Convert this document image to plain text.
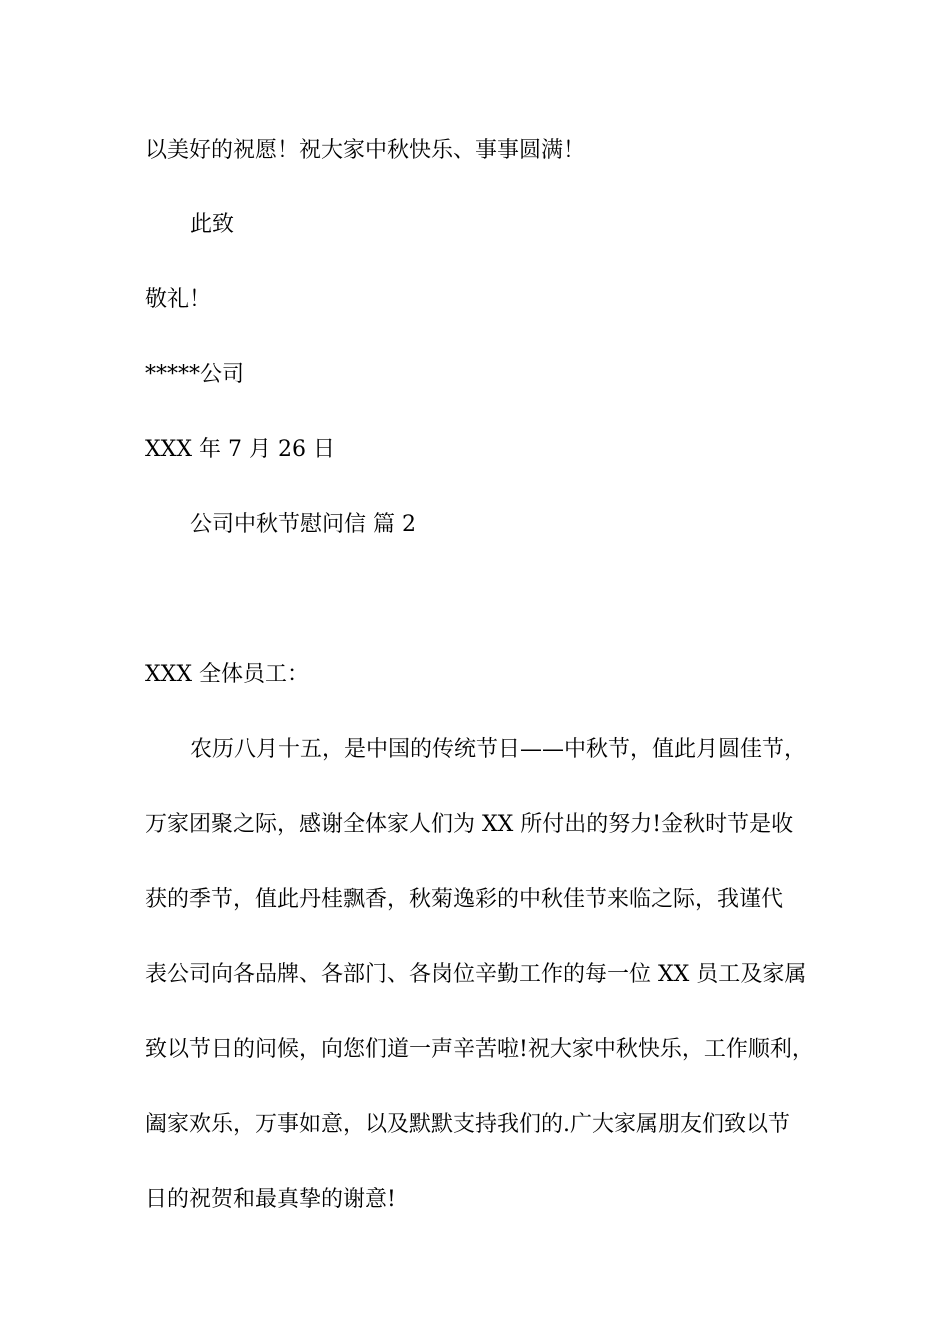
以美好的祝愿！祝大家中秋快乐、事事圆满！
此致
敬礼！
*****公司
XXX 年 7 月 26 日
公司中秋节慰问信 篇 2
XXX 全体员工：
农历八月十五，是中国的传统节日——中秋节，值此月圆佳节，
万家团聚之际，感谢全体家人们为 XX 所付出的努力!金秋时节是收
获的季节，值此丹桂飘香，秋菊逸彩的中秋佳节来临之际，我谨代
表公司向各品牌、各部门、各岗位辛勤工作的每一位 XX 员工及家属
致以节日的问候，向您们道一声辛苦啦!祝大家中秋快乐，工作顺利，
阖家欢乐，万事如意，以及默默支持我们的.广大家属朋友们致以节
日的祝贺和最真挚的谢意!
